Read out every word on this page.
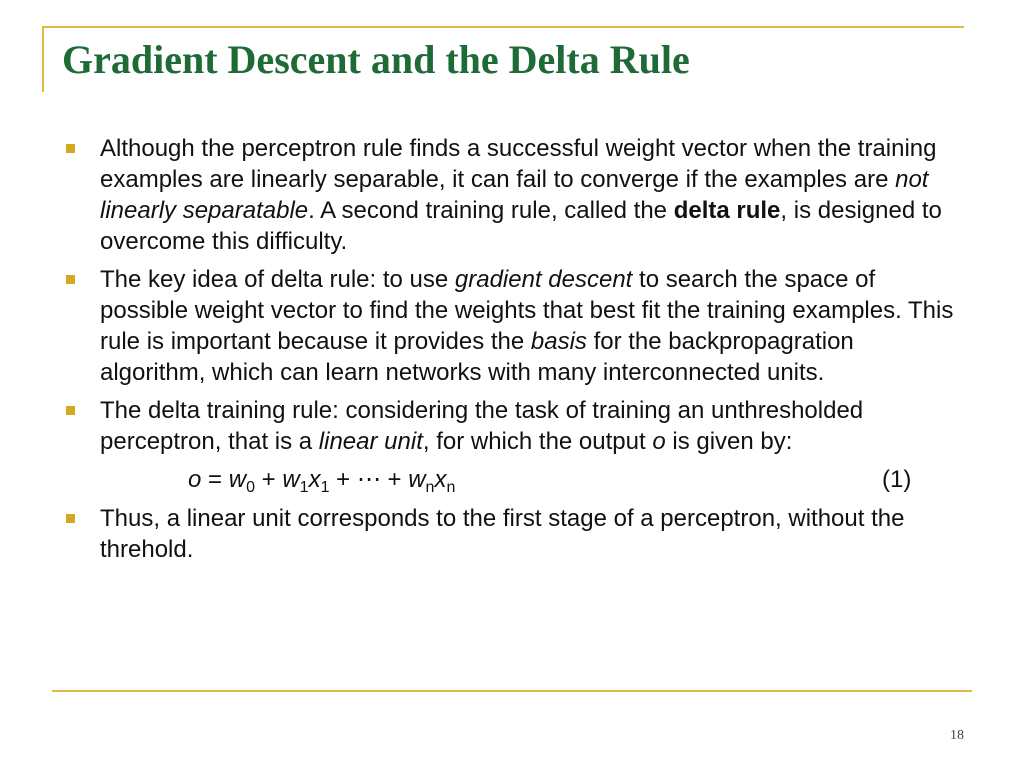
Gradient Descent and the Delta Rule
Although the perceptron rule finds a successful weight vector when the training examples are linearly separable, it can fail to converge if the examples are not linearly separatable. A second training rule, called the delta rule, is designed to overcome this difficulty.
The key idea of delta rule: to use gradient descent to search the space of possible weight vector to find the weights that best fit the training examples. This rule is important because it provides the basis for the backpropagration algorithm, which can learn networks with many interconnected units.
The delta training rule: considering the task of training an unthresholded perceptron, that is a linear unit, for which the output o is given by:
$o = w_0 + w_1x_1$ + ⋯ + $w_nx_n$	(1)
Thus, a linear unit corresponds to the first stage of a perceptron, without the threhold.
18
